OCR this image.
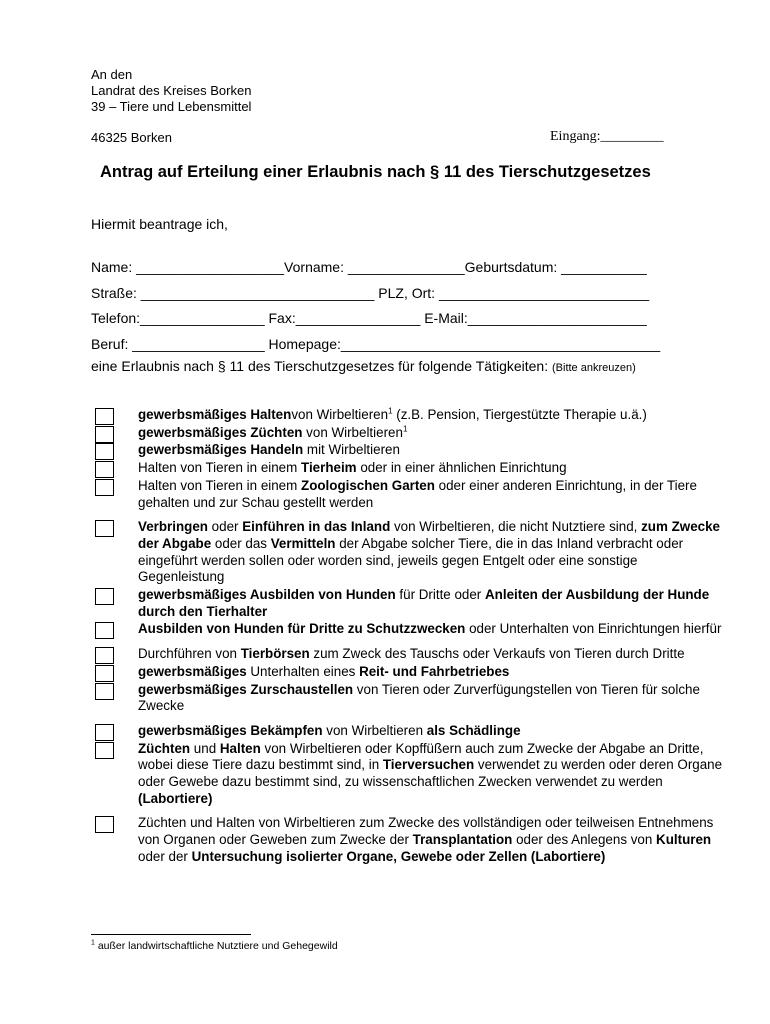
An den
Landrat des Kreises Borken
39 – Tiere und Lebensmittel
46325 Borken	Eingang:_________
Antrag auf Erteilung einer Erlaubnis nach § 11 des Tierschutzgesetzes
Hiermit beantrage ich,
Name: ___________________Vorname: _______________Geburtsdatum: ___________
Straße: ______________________________ PLZ, Ort: ___________________________
Telefon:________________ Fax:________________ E-Mail:_______________________
Beruf: _________________ Homepage:_________________________________________
eine Erlaubnis nach § 11 des Tierschutzgesetzes für folgende Tätigkeiten: (Bitte ankreuzen)
gewerbsmäßiges Haltenvon Wirbeltieren$^1$ (z.B. Pension, Tiergestützte Therapie u.ä.)
gewerbsmäßiges Züchten von Wirbeltieren$^1$
gewerbsmäßiges Handeln mit Wirbeltieren
Halten von Tieren in einem Tierheim oder in einer ähnlichen Einrichtung
Halten von Tieren in einem Zoologischen Garten oder einer anderen Einrichtung, in der Tiere gehalten und zur Schau gestellt werden
Verbringen oder Einführen in das Inland von Wirbeltieren, die nicht Nutztiere sind, zum Zwecke der Abgabe oder das Vermitteln der Abgabe solcher Tiere, die in das Inland verbracht oder eingeführt werden sollen oder worden sind, jeweils gegen Entgelt oder eine sonstige Gegenleistung
gewerbsmäßiges Ausbilden von Hunden für Dritte oder Anleiten der Ausbildung der Hunde durch den Tierhalter
Ausbilden von Hunden für Dritte zu Schutzzwecken oder Unterhalten von Einrichtungen hierfür
Durchführen von Tierbörsen zum Zweck des Tauschs oder Verkaufs von Tieren durch Dritte
gewerbsmäßiges Unterhalten eines Reit- und Fahrbetriebes
gewerbsmäßiges Zurschaustellen von Tieren oder Zurverfügungstellen von Tieren für solche Zwecke
gewerbsmäßiges Bekämpfen von Wirbeltieren als Schädlinge
Züchten und Halten von Wirbeltieren oder Kopffüßern auch zum Zwecke der Abgabe an Dritte, wobei diese Tiere dazu bestimmt sind, in Tierversuchen verwendet zu werden oder deren Organe oder Gewebe dazu bestimmt sind, zu wissenschaftlichen Zwecken verwendet zu werden (Labortiere)
Züchten und Halten von Wirbeltieren zum Zwecke des vollständigen oder teilweisen Entnehmens von Organen oder Geweben zum Zwecke der Transplantation oder des Anlegens von Kulturen oder der Untersuchung isolierter Organe, Gewebe oder Zellen (Labortiere)
$^1$ außer landwirtschaftliche Nutztiere und Gehegewild
